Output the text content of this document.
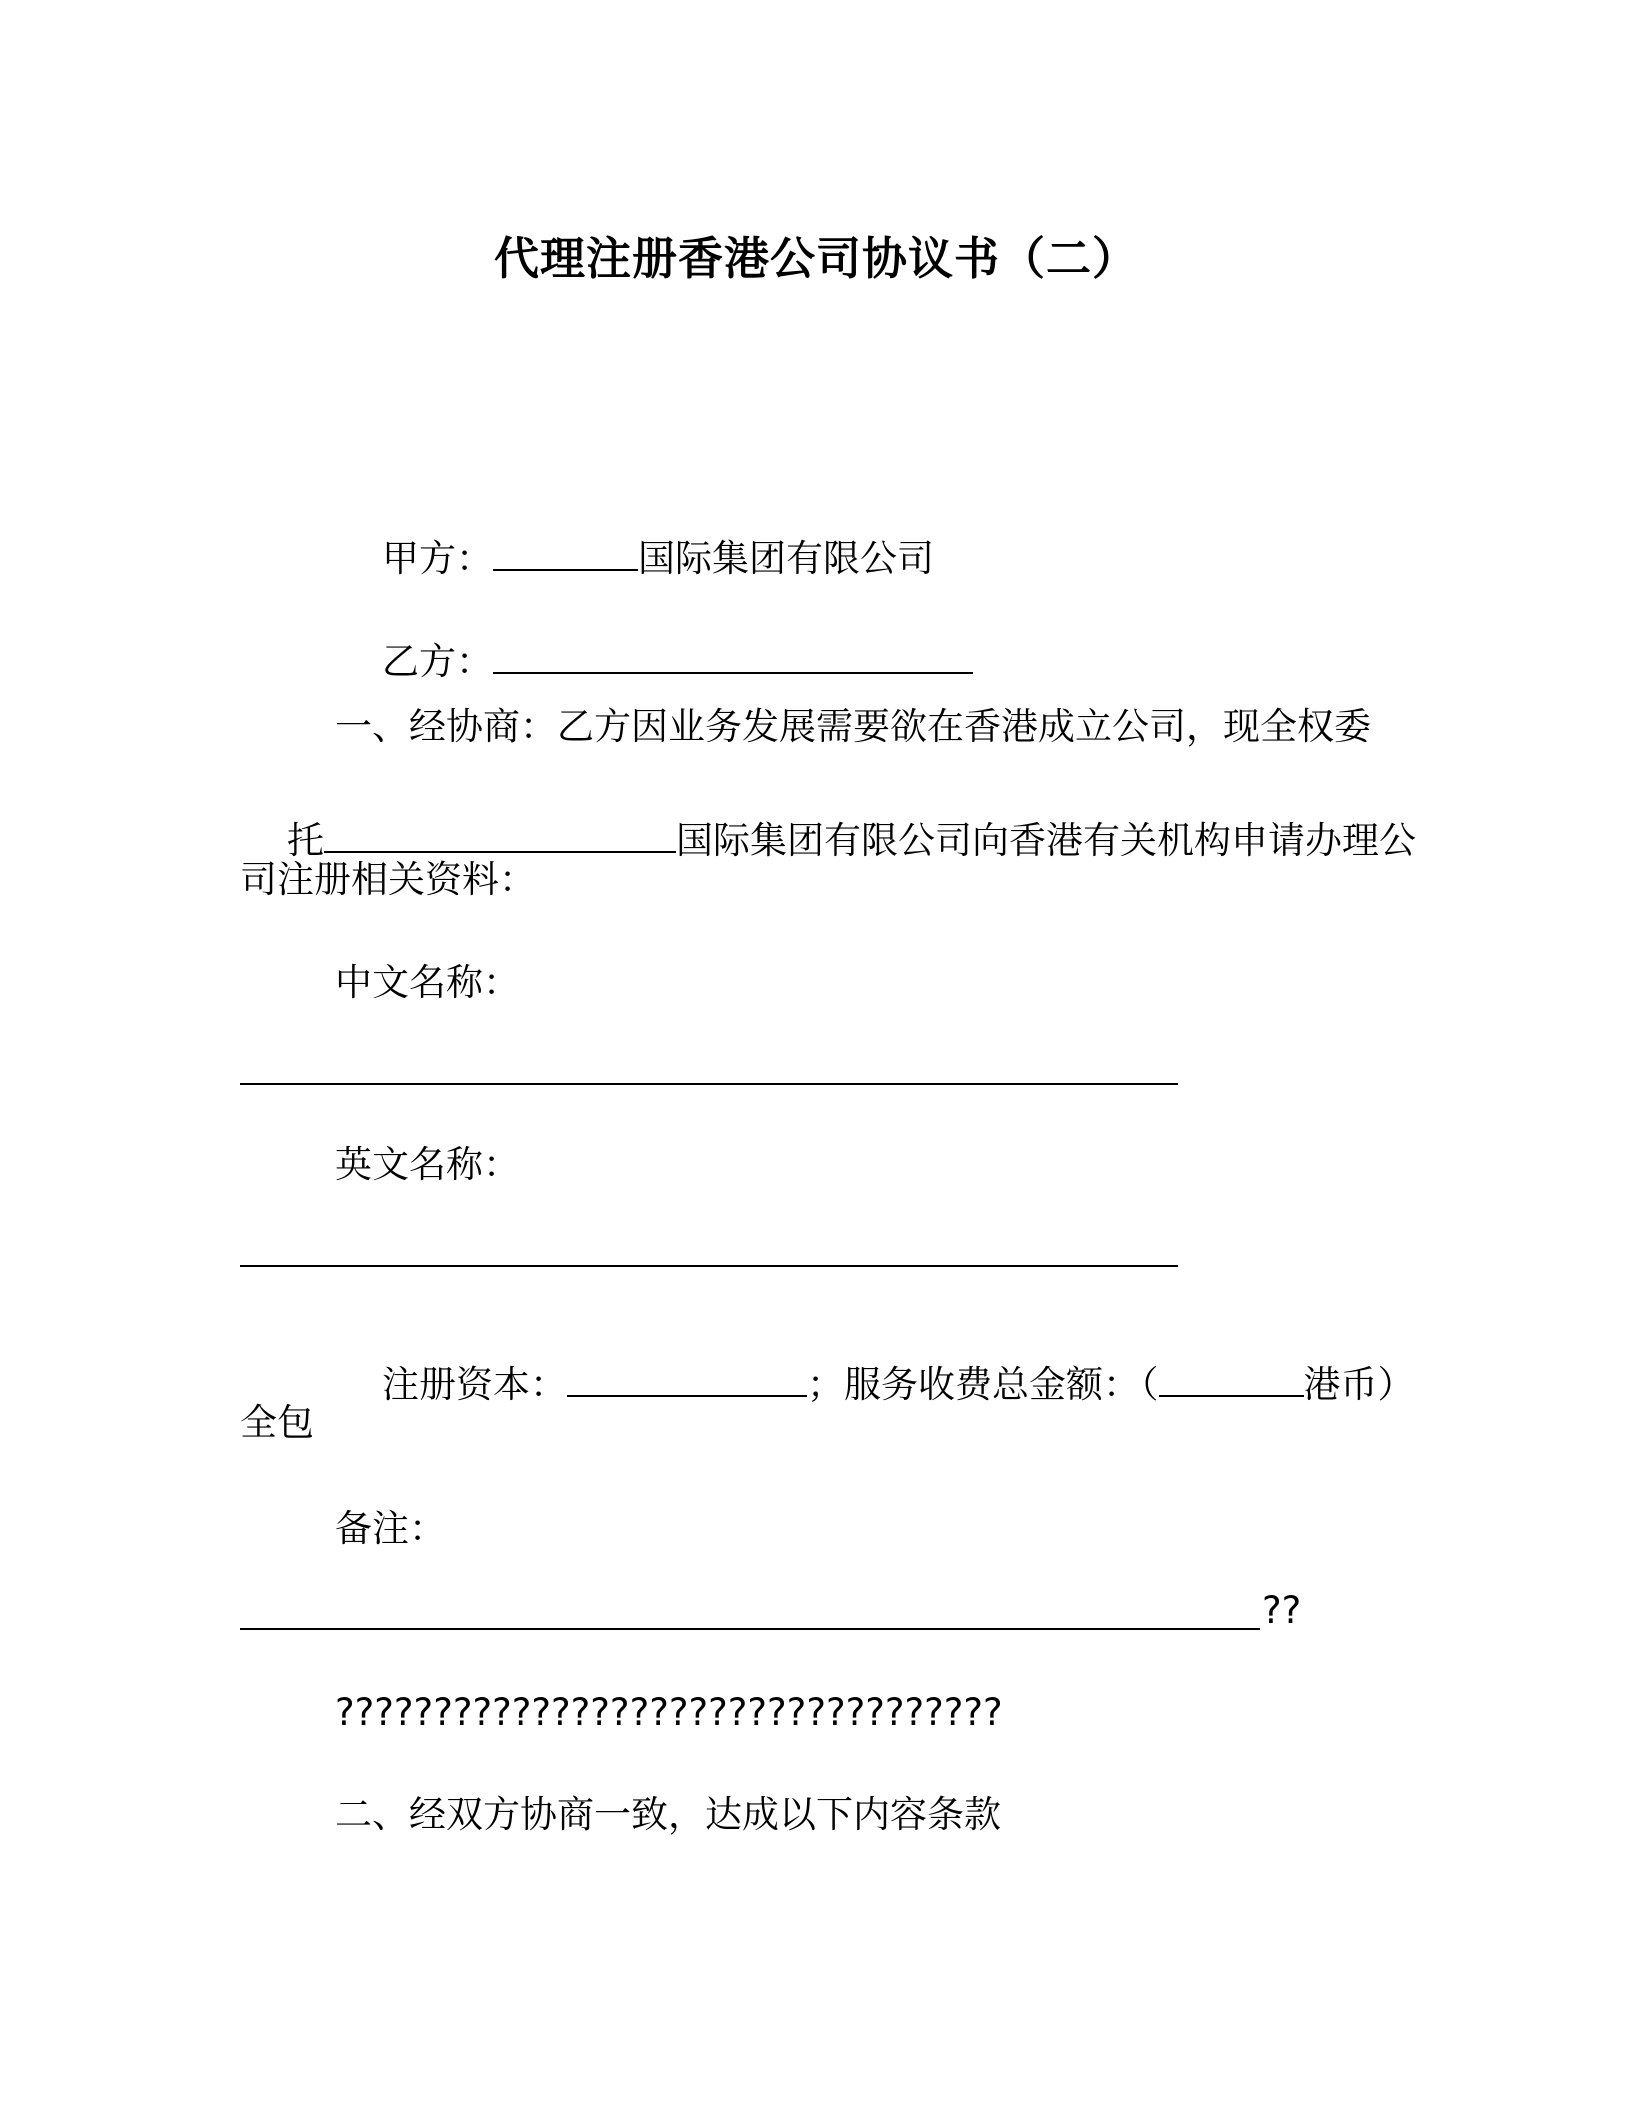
代理注册香港公司协议书（二）

甲方：	国际集团有限公司

乙方：

一、经协商：乙方因业务发展需要欲在香港成立公司，现全权委

托	国际集团有限公司向香港有关机构申请办理公

司注册相关资料：
中文名称：
英文名称：

注册资本：	；服务收费总金额：（	港币）

全包
备注：
??
??????????????????????????????????
二、经双方协商一致，达成以下内容条款
